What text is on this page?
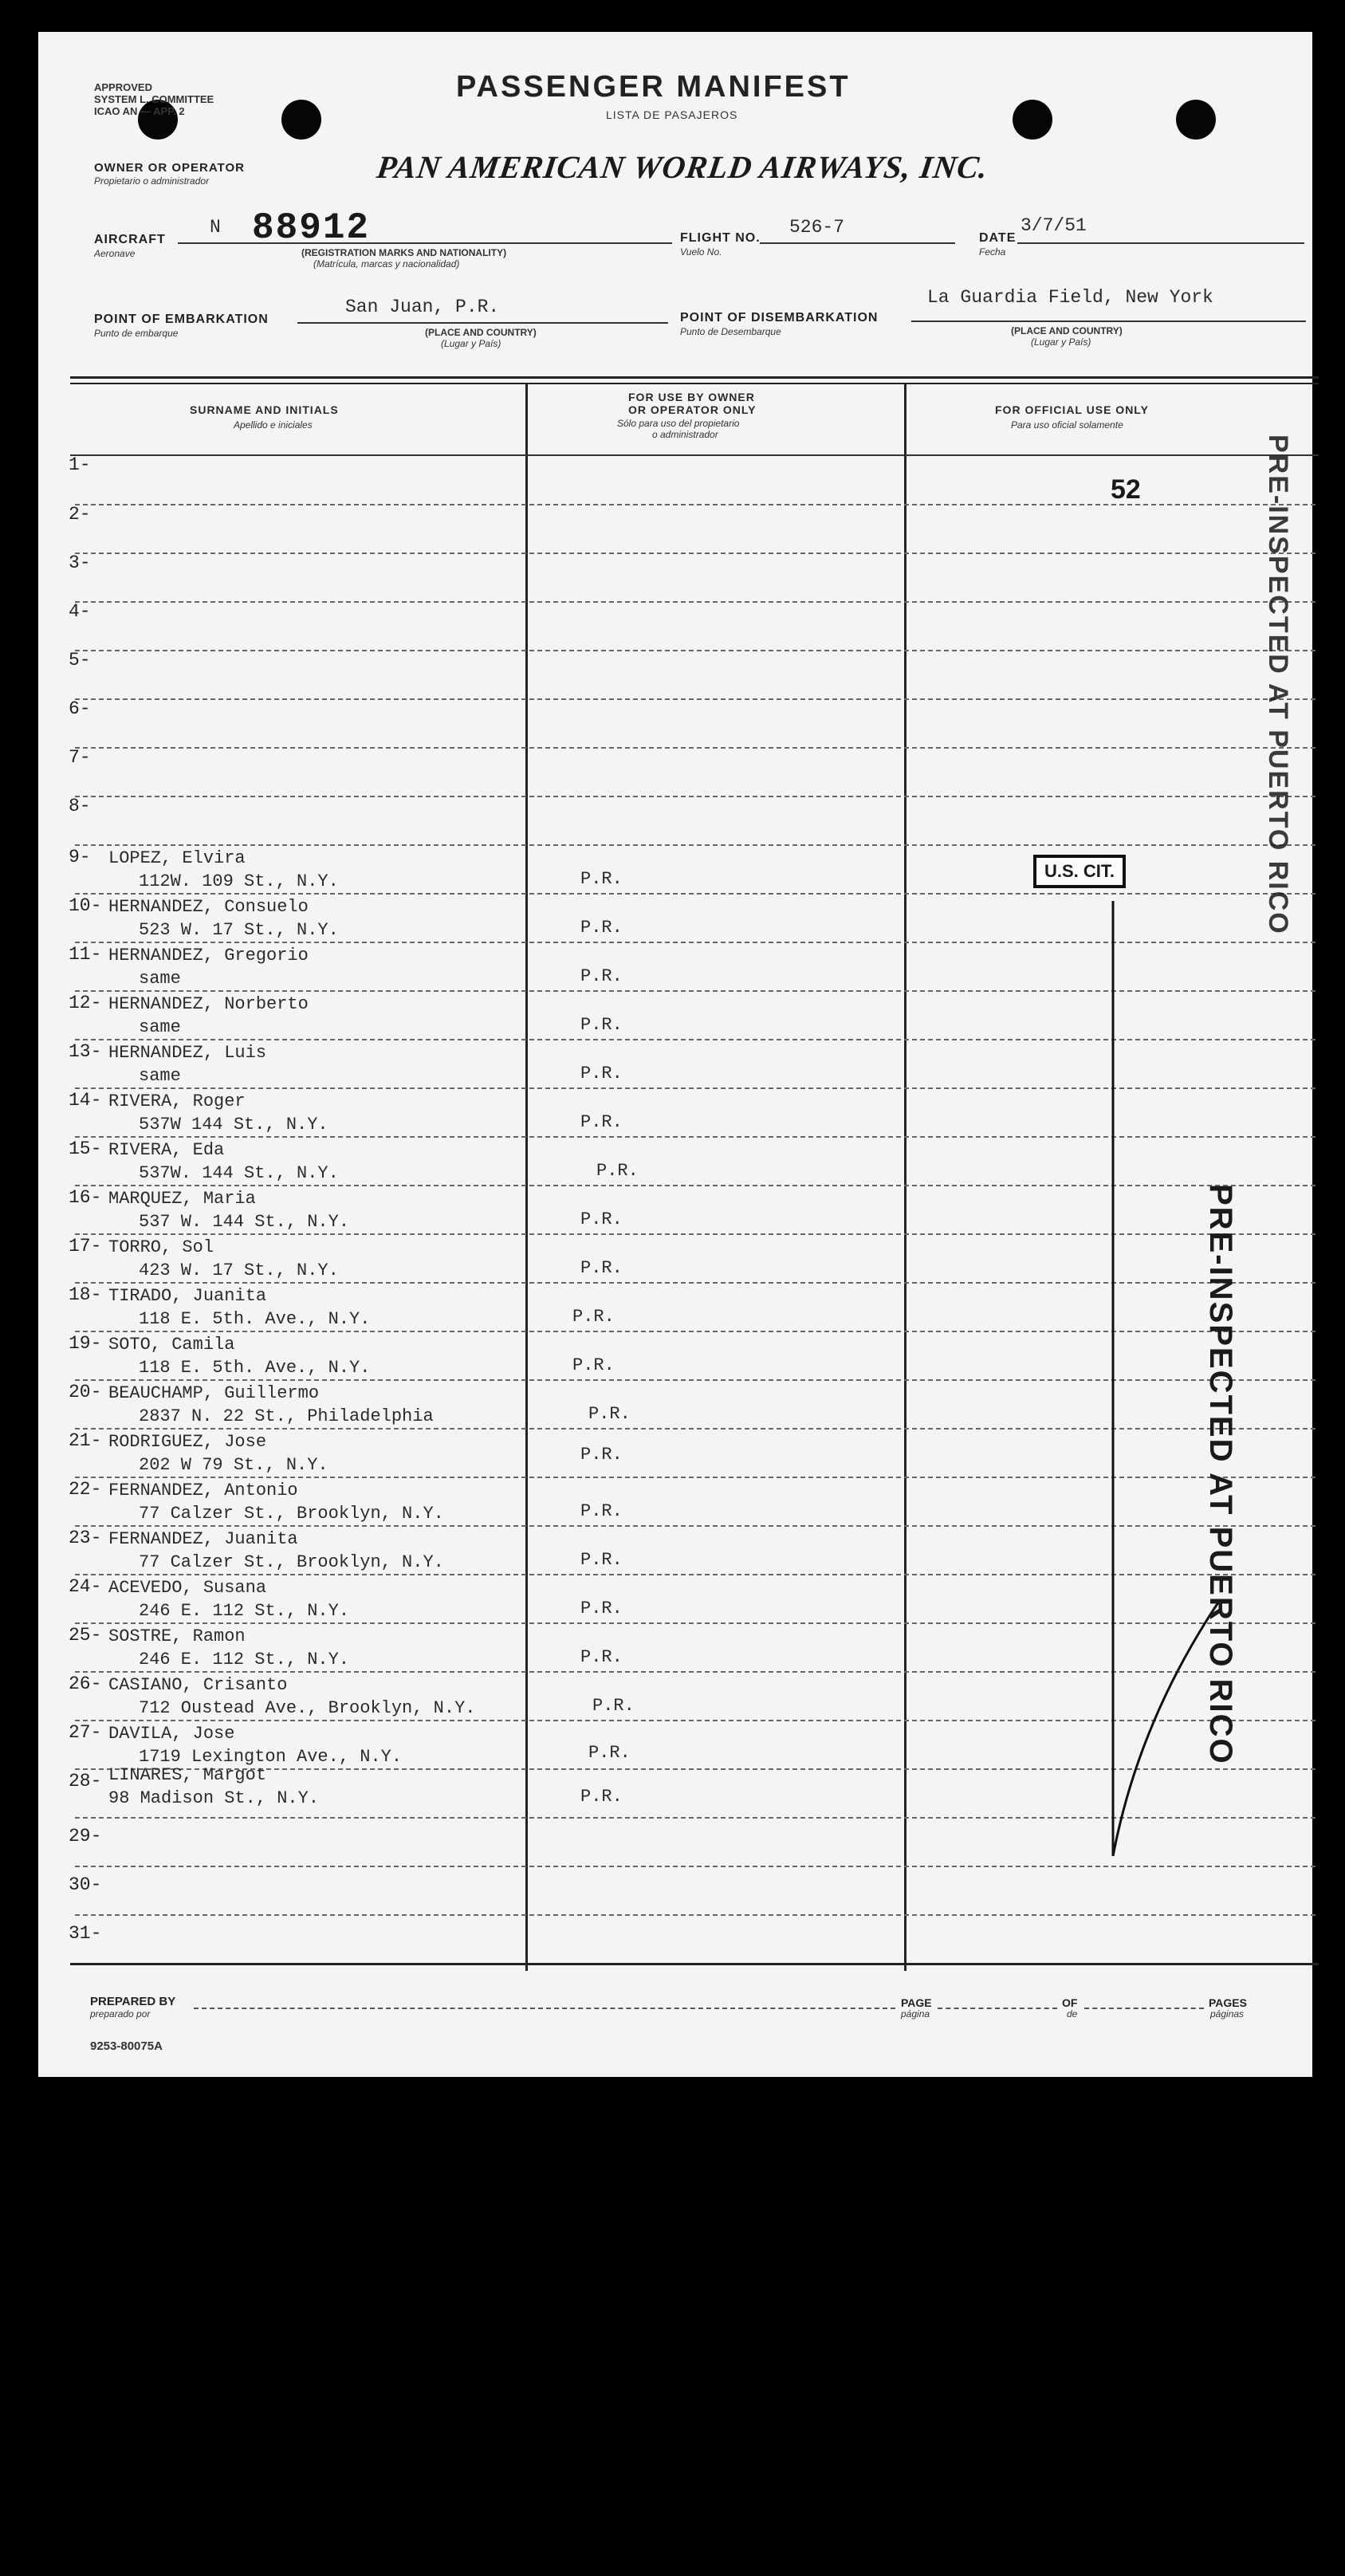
APPROVED
SYSTEM L. COMMITTEE
ICAO AN — APP. 2
PASSENGER MANIFEST
LISTA DE PASAJEROS
OWNER OR OPERATOR
Propietario o administrador	PAN AMERICAN WORLD AIRWAYS, INC.
AIRCRAFT
Aeronave
N 88912
(REGISTRATION MARKS AND NATIONALITY)
(Matrícula, marcas y nacionalidad)
FLIGHT NO.
Vuelo No.
526-7
DATE
Fecha
3/7/51
POINT OF EMBARKATION
Punto de embarque
San Juan, P.R.
(PLACE AND COUNTRY)
(Lugar y País)
POINT OF DISEMBARKATION
Punto de Desembarque
La Guardia Field, New York
(PLACE AND COUNTRY)
(Lugar y País)
SURNAME AND INITIALS
Apellido e iniciales
FOR USE BY OWNER
OR OPERATOR ONLY
Sólo para uso del propietario
o administrador
FOR OFFICIAL USE ONLY
Para uso oficial solamente
1-
2-
3-
4-
5-
6-
7-
8-
9- LOPEZ, Elvira
112W. 109 St., N.Y.	P.R.
10- HERNANDEZ, Consuelo
523 W. 17 St., N.Y.	P.R.
11- HERNANDEZ, Gregorio
same	P.R.
12- HERNANDEZ, Norberto
same	P.R.
13- HERNANDEZ, Luis
same	P.R.
14- RIVERA, Roger
537W 144 St., N.Y.	P.R.
15- RIVERA, Eda
537W. 144 St., N.Y.	P.R.
16- MARQUEZ, Maria
537 W. 144 St., N.Y.	P.R.
17- TORRO, Sol
423 W. 17 St., N.Y.	P.R.
18- TIRADO, Juanita
118 E. 5th. Ave., N.Y.	P.R.
19- SOTO, Camila
118 E. 5th. Ave., N.Y.	P.R.
20- BEAUCHAMP, Guillermo
2837 N. 22 St., Philadelphia	P.R.
21- RODRIGUEZ, Jose
202 W 79 St., N.Y.
P.R.
22- FERNANDEZ, Antonio
77 Calzer St., Brooklyn, N.Y.	P.R.
23- FERNANDEZ, Juanita
77 Calzer St., Brooklyn, N.Y.	P.R.
24- ACEVEDO, Susana
246 E. 112 St., N.Y.	P.R.
25- SOSTRE, Ramon
246 E. 112 St., N.Y.	P.R.
26- CASIANO, Crisanto
712 Oustead Ave., Brooklyn, N.Y.	P.R.
27- DAVILA, Jose
1719 Lexington Ave., N.Y.	P.R.
28- LINARES, Margot
98 Madison St., N.Y.	P.R.
29-
30-
31-
52
U.S. CIT.	PRE-INSPECTED AT PUERTO RICO
PRE-INSPECTED AT PUERTO RICO
PREPARED BY
preparado por
PAGE
página
OF
de
PAGES
páginas
9253-80075A
